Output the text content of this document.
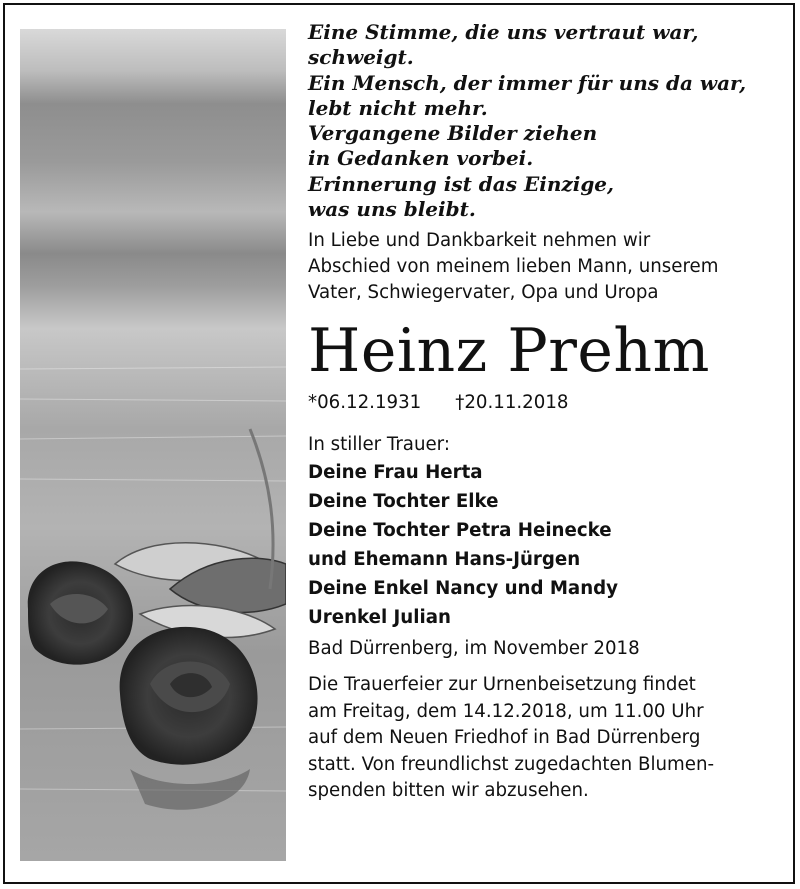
Eine Stimme, die uns vertraut war,
schweigt.
Ein Mensch, der immer für uns da war,
lebt nicht mehr.
Vergangene Bilder ziehen
in Gedanken vorbei.
Erinnerung ist das Einzige,
was uns bleibt.
In Liebe und Dankbarkeit nehmen wir
Abschied von meinem lieben Mann, unserem
Vater, Schwiegervater, Opa und Uropa
Heinz Prehm
*06.12.1931 †20.11.2018
In stiller Trauer:
Deine Frau Herta
Deine Tochter Elke
Deine Tochter Petra Heinecke
und Ehemann Hans-Jürgen
Deine Enkel Nancy und Mandy
Urenkel Julian
Bad Dürrenberg, im November 2018
Die Trauerfeier zur Urnenbeisetzung findet
am Freitag, dem 14.12.2018, um 11.00 Uhr
auf dem Neuen Friedhof in Bad Dürrenberg
statt. Von freundlichst zugedachten Blumen-
spenden bitten wir abzusehen.
